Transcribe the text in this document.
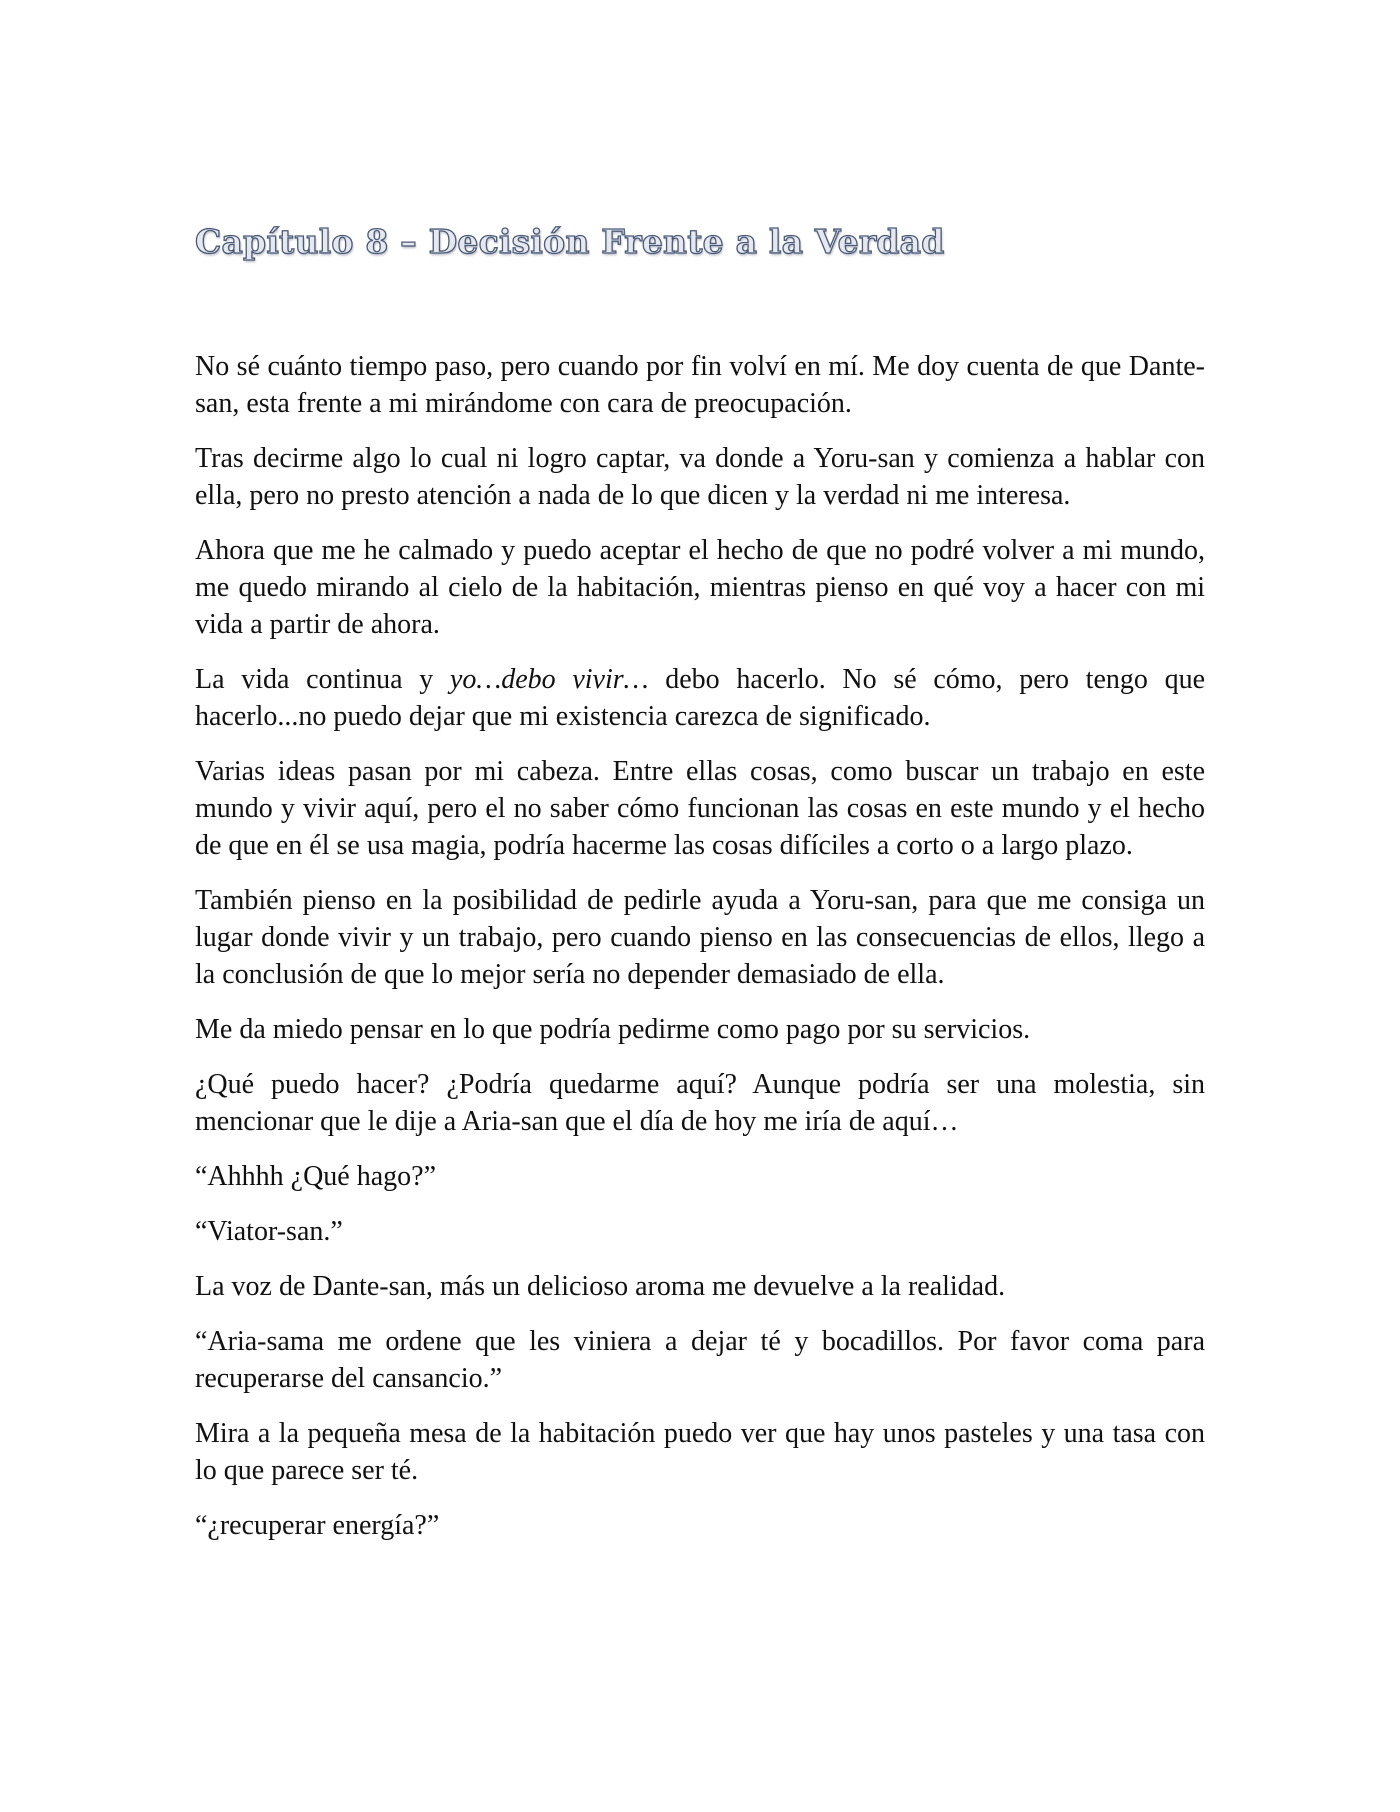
Capítulo 8 – Decisión Frente a la Verdad

No sé cuánto tiempo paso, pero cuando por fin volví en mí. Me doy cuenta de que Dante-san, esta frente a mi mirándome con cara de preocupación.

Tras decirme algo lo cual ni logro captar, va donde a Yoru-san y comienza a hablar con ella, pero no presto atención a nada de lo que dicen y la verdad ni me interesa.

Ahora que me he calmado y puedo aceptar el hecho de que no podré volver a mi mundo, me quedo mirando al cielo de la habitación, mientras pienso en qué voy a hacer con mi vida a partir de ahora.

La vida continua y yo…debo vivir… debo hacerlo. No sé cómo, pero tengo que hacerlo...no puedo dejar que mi existencia carezca de significado.

Varias ideas pasan por mi cabeza. Entre ellas cosas, como buscar un trabajo en este mundo y vivir aquí, pero el no saber cómo funcionan las cosas en este mundo y el hecho de que en él se usa magia, podría hacerme las cosas difíciles a corto o a largo plazo.

También pienso en la posibilidad de pedirle ayuda a Yoru-san, para que me consiga un lugar donde vivir y un trabajo, pero cuando pienso en las consecuencias de ellos, llego a la conclusión de que lo mejor sería no depender demasiado de ella.

Me da miedo pensar en lo que podría pedirme como pago por su servicios.

¿Qué puedo hacer? ¿Podría quedarme aquí? Aunque podría ser una molestia, sin mencionar que le dije a Aria-san que el día de hoy me iría de aquí…

“Ahhhh ¿Qué hago?”

“Viator-san.”

La voz de Dante-san, más un delicioso aroma me devuelve a la realidad.

“Aria-sama me ordene que les viniera a dejar té y bocadillos. Por favor coma para recuperarse del cansancio.”

Mira a la pequeña mesa de la habitación puedo ver que hay unos pasteles y una tasa con lo que parece ser té.

“¿recuperar energía?”
